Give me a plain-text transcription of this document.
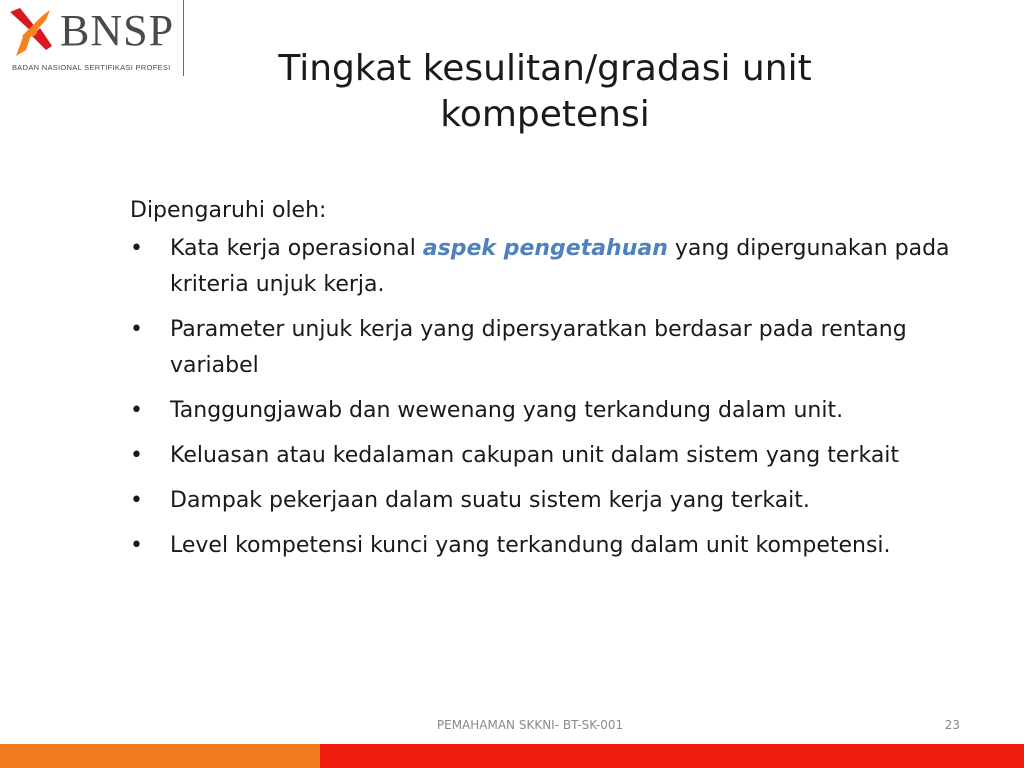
BNSP
BADAN NASIONAL SERTIFIKASI PROFESI	Tingkat kesulitan/gradasi unit kompetensi

Dipengaruhi oleh:

• Kata kerja operasional aspek pengetahuan yang dipergunakan pada kriteria unjuk kerja.
• Parameter unjuk kerja yang dipersyaratkan berdasar pada rentang variabel
• Tanggungjawab dan wewenang yang terkandung dalam unit.
• Keluasan atau kedalaman cakupan unit dalam sistem yang terkait
• Dampak pekerjaan dalam suatu sistem kerja yang terkait.
• Level kompetensi kunci yang terkandung dalam unit kompetensi.
PEMAHAMAN SKKNI- BT-SK-001	23
